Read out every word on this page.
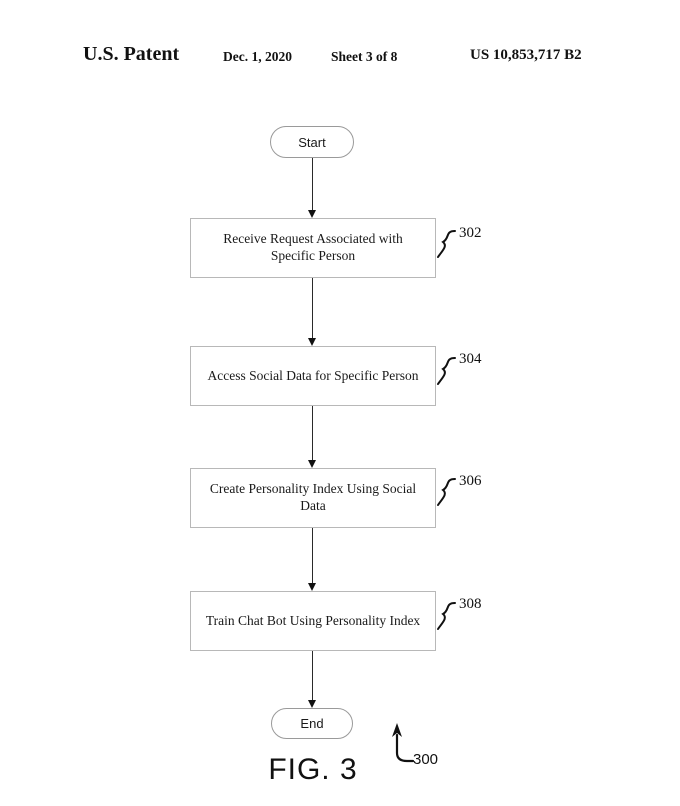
U.S. Patent	Dec. 1, 2020	Sheet 3 of 8	US 10,853,717 B2
Start
Receive Request Associated with Specific Person
Access Social Data for Specific Person
Create Personality Index Using Social Data
Train Chat Bot Using Personality Index
302
304
306
308
End
300
FIG. 3
